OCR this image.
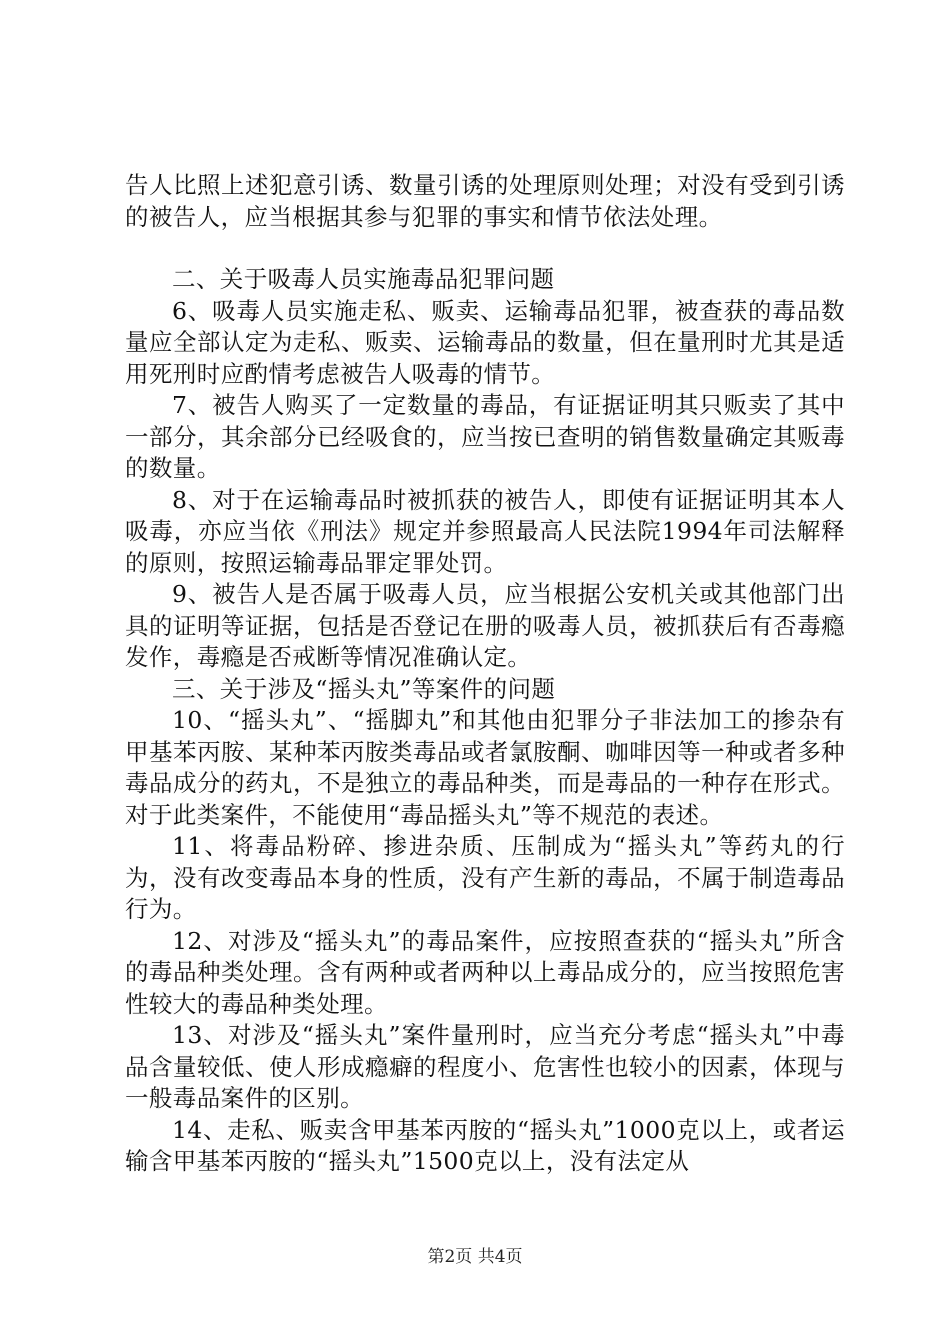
告人比照上述犯意引诱、数量引诱的处理原则处理；对没有受到引诱的被告人，应当根据其参与犯罪的事实和情节依法处理。

二、关于吸毒人员实施毒品犯罪问题

6、吸毒人员实施走私、贩卖、运输毒品犯罪，被查获的毒品数量应全部认定为走私、贩卖、运输毒品的数量，但在量刑时尤其是适用死刑时应酌情考虑被告人吸毒的情节。

7、被告人购买了一定数量的毒品，有证据证明其只贩卖了其中一部分，其余部分已经吸食的，应当按已查明的销售数量确定其贩毒的数量。

8、对于在运输毒品时被抓获的被告人，即使有证据证明其本人吸毒，亦应当依《刑法》规定并参照最高人民法院1994年司法解释的原则，按照运输毒品罪定罪处罚。

9、被告人是否属于吸毒人员，应当根据公安机关或其他部门出具的证明等证据，包括是否登记在册的吸毒人员，被抓获后有否毒瘾发作，毒瘾是否戒断等情况准确认定。

三、关于涉及“摇头丸”等案件的问题

10、“摇头丸”、“摇脚丸”和其他由犯罪分子非法加工的掺杂有甲基苯丙胺、某种苯丙胺类毒品或者氯胺酮、咖啡因等一种或者多种毒品成分的药丸，不是独立的毒品种类，而是毒品的一种存在形式。对于此类案件，不能使用“毒品摇头丸”等不规范的表述。

11、将毒品粉碎、掺进杂质、压制成为“摇头丸”等药丸的行为，没有改变毒品本身的性质，没有产生新的毒品，不属于制造毒品行为。

12、对涉及“摇头丸”的毒品案件，应按照查获的“摇头丸”所含的毒品种类处理。含有两种或者两种以上毒品成分的，应当按照危害性较大的毒品种类处理。

13、对涉及“摇头丸”案件量刑时，应当充分考虑“摇头丸”中毒品含量较低、使人形成瘾癖的程度小、危害性也较小的因素，体现与一般毒品案件的区别。

14、走私、贩卖含甲基苯丙胺的“摇头丸”1000克以上，或者运输含甲基苯丙胺的“摇头丸”1500克以上，没有法定从

第2页 共4页
